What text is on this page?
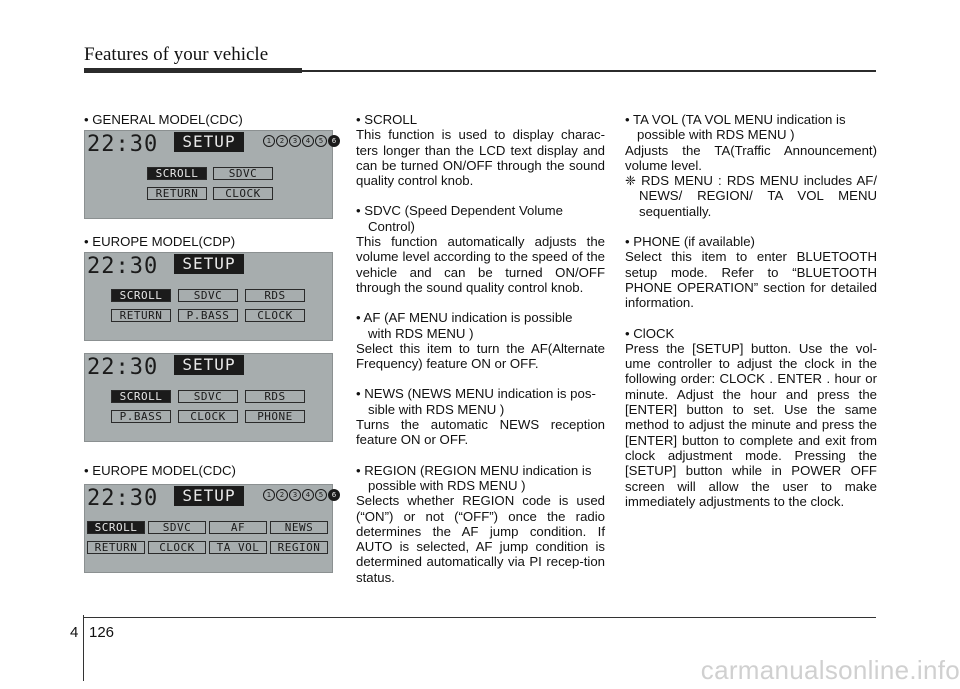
Features of your vehicle
• GENERAL MODEL(CDC)
22:30	SETUP	1	2	3	4	5	6
SCROLL	SDVC
RETURN	CLOCK
• EUROPE MODEL(CDP)
22:30	SETUP
SCROLL	SDVC	RDS
RETURN	P.BASS	CLOCK
22:30	SETUP
SCROLL	SDVC	RDS
P.BASS	CLOCK	PHONE
• EUROPE MODEL(CDC)
22:30	SETUP	1	2	3	4	5	6
SCROLL	SDVC	AF	NEWS
RETURN	CLOCK	TA VOL	REGION

• SCROLL

This function is used to display charac-ters longer than the LCD text display and can be turned ON/OFF through the sound quality control knob.

• SDVC (Speed Dependent Volume

Control)

This function automatically adjusts the volume level according to the speed of the vehicle and can be turned ON/OFF through the sound quality control knob.

• AF (AF MENU indication is possible

with RDS MENU )

Select this item to turn the AF(Alternate Frequency) feature ON or OFF.

• NEWS (NEWS MENU indication is pos-

sible with RDS MENU )

Turns the automatic NEWS reception feature ON or OFF.

• REGION (REGION MENU indication is

possible with RDS MENU )

Selects whether REGION code is used (“ON”) or not (“OFF”) once the radio determines the AF jump condition. If AUTO is selected, AF jump condition is determined automatically via PI recep-tion status.

• TA VOL (TA VOL MENU indication is

possible with RDS MENU )

Adjusts the TA(Traffic Announcement) volume level.

❈ RDS MENU : RDS MENU includes AF/ NEWS/ REGION/ TA VOL MENU sequentially.

• PHONE (if available)

Select this item to enter BLUETOOTH setup mode. Refer to “BLUETOOTH PHONE OPERATION” section for detailed information.

• ClOCK

Press the [SETUP] button. Use the vol-ume controller to adjust the clock in the following order: CLOCK . ENTER . hour or minute. Adjust the hour and press the [ENTER] button to set. Use the same method to adjust the minute and press the [ENTER] button to complete and exit from clock adjustment mode. Pressing the [SETUP] button while in POWER OFF screen will allow the user to make immediately adjustments to the clock.

4 126
carmanualsonline.info
